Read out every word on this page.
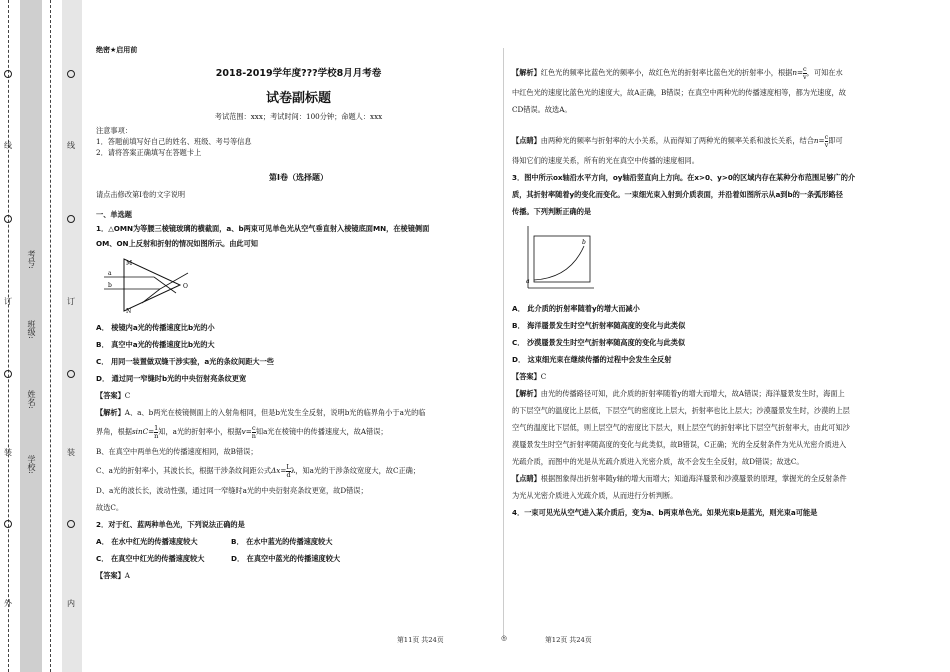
线
订
装
外
线
订
装
内
学校:
姓名:
班级:
考号:

绝密★启用前

2018-2019学年度???学校8月月考卷
试卷副标题

考试范围：xxx；考试时间：100分钟；命题人：xxx

注意事项：

1．答题前填写好自己的姓名、班级、考号等信息

2．请将答案正确填写在答题卡上

第Ⅰ卷（选择题）

请点击修改第I卷的文字说明

一、单选题

1．△OMN为等腰三棱镜玻璃的横截面，a、b两束可见单色光从空气垂直射入棱镜底面MN，在棱镜侧面

OM、ON上反射和折射的情况如图所示。由此可知

M
a
b
N
O
A． 棱镜内a光的传播速度比b光的小
B． 真空中a光的传播速度比b光的大
C． 用同一装置做双缝干涉实验，a光的条纹间距大一些
D． 通过同一窄缝时b光的中央衍射亮条纹更宽
【答案】C
【解析】A、a、b两光在棱镜侧面上的入射角相同，但是b光发生全反射，说明b光的临界角小于a光的临
界角，根据$\sin C= \frac{1}{n}$ 知，a光的折射率小，根据$v= \frac{c}{n}$ 知a光在棱镜中的传播速度大，故A错误；
B、在真空中两单色光的传播速度相同，故B错误；
C、a光的折射率小，其波长长，根据干涉条纹间距公式$\Delta x= \frac{L}{d}$ λ，知a光的干涉条纹宽度大，故C正确；
D、a光的波长长，波动性强，通过同一窄缝时a光的中央衍射亮条纹更宽，故D错误；
故选C。
2．对于红、蓝两种单色光，下列说法正确的是
A． 在水中红光的传播速度较大	B． 在水中蓝光的传播速度较大
C． 在真空中红光的传播速度较大	D． 在真空中蓝光的传播速度较大
【答案】A
【解析】红色光的频率比蓝色光的频率小，故红色光的折射率比蓝色光的折射率小，根据$n= \frac{c}{v}$ ，可知在水
中红色光的速度比蓝色光的速度大，故A正确，B错误；在真空中两种光的传播速度相等，都为光速度，故
CD错误。故选A。
【点睛】由两种光的频率与折射率的大小关系，从而得知了两种光的频率关系和波长关系，结合$n= \frac{c}{v}$ 即可
得知它们的速度关系，所有的光在真空中传播的速度相同。
3．图中所示ox轴沿水平方向，oy轴沿竖直向上方向。在x>0、y>0的区域内存在某种分布范围足够广的介
质，其折射率随着y的变化而变化。一束细光束入射到介质表面，并沿着如图所示从a到b的一条弧形路径
传播。下列判断正确的是
a
b
A． 此介质的折射率随着y的增大而减小
B． 海洋蜃景发生时空气折射率随高度的变化与此类似
C． 沙漠蜃景发生时空气折射率随高度的变化与此类似
D． 这束细光束在继续传播的过程中会发生全反射
【答案】C
【解析】由光的传播路径可知，此介质的折射率随着y的增大而增大，故A错误；海洋蜃景发生时，海面上
的下层空气的温度比上层低，下层空气的密度比上层大，折射率也比上层大；沙漠蜃景发生时，沙漠的上层
空气的温度比下层低，则上层空气的密度比下层大，则上层空气的折射率比下层空气折射率大，由此可知沙
漠蜃景发生时空气折射率随高度的变化与此类似，故B错误，C正确；光的全反射条件为光从光密介质进入
光疏介质，而图中的光是从光疏介质进入光密介质，故不会发生全反射，故D错误；故选C。
【点睛】根据图象得出折射率随y轴的增大而增大；知道海洋蜃景和沙漠蜃景的原理，掌握光的全反射条件
为光从光密介质进入光疏介质，从而进行分析判断。
4．一束可见光从空气进入某介质后，变为a、b两束单色光。如果光束b是蓝光，则光束a可能是
第11页 共24页	◎	第12页 共24页
